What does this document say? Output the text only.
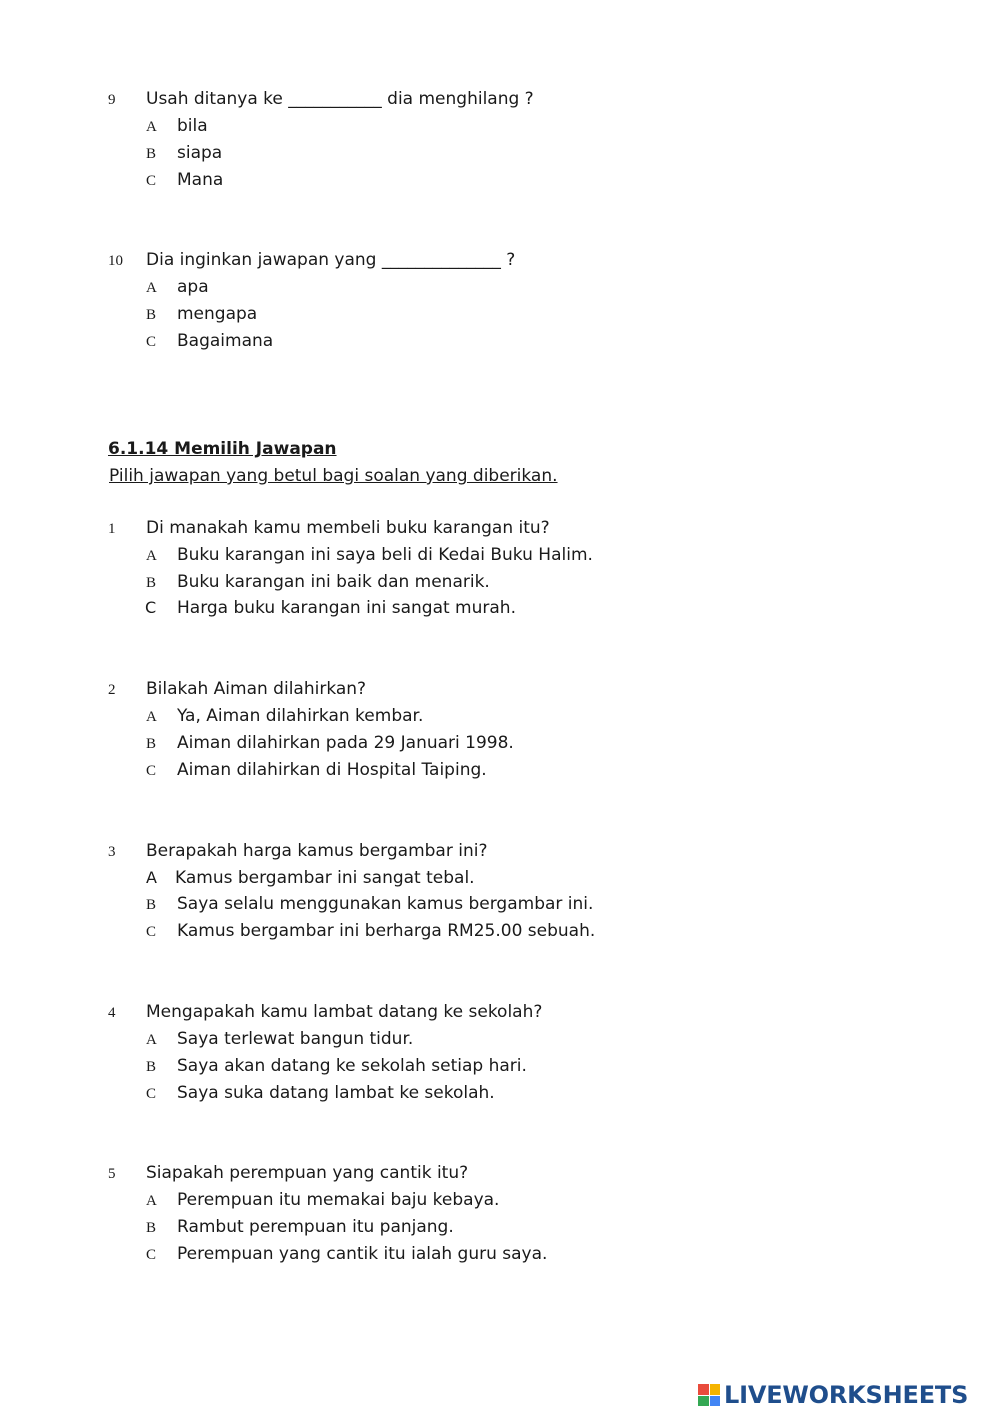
9 Usah ditanya ke ___________ dia menghilang ?
A bila
B siapa
C Mana
10 Dia inginkan jawapan yang ______________ ?
A apa
B mengapa
C Bagaimana
6.1.14 Memilih Jawapan
Pilih jawapan yang betul bagi soalan yang diberikan.
1 Di manakah kamu membeli buku karangan itu?
A Buku karangan ini saya beli di Kedai Buku Halim.
B Buku karangan ini baik dan menarik.
C Harga buku karangan ini sangat murah.
2 Bilakah Aiman dilahirkan?
A Ya, Aiman dilahirkan kembar.
B Aiman dilahirkan pada 29 Januari 1998.
C Aiman dilahirkan di Hospital Taiping.
3 Berapakah harga kamus bergambar ini?
A Kamus bergambar ini sangat tebal.
B Saya selalu menggunakan kamus bergambar ini.
C Kamus bergambar ini berharga RM25.00 sebuah.
4 Mengapakah kamu lambat datang ke sekolah?
A Saya terlewat bangun tidur.
B Saya akan datang ke sekolah setiap hari.
C Saya suka datang lambat ke sekolah.
5 Siapakah perempuan yang cantik itu?
A Perempuan itu memakai baju kebaya.
B Rambut perempuan itu panjang.
C Perempuan yang cantik itu ialah guru saya.
LIVEWORKSHEETS
